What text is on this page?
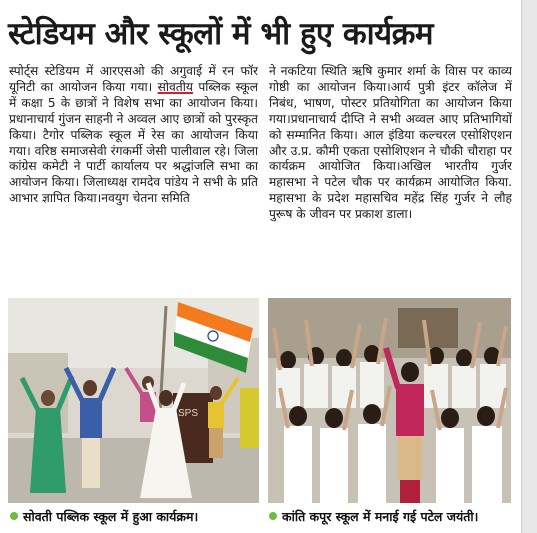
स्टेडियम और स्कूलों में भी हुए कार्यक्रम
स्पोर्ट्स स्टेडियम में आरएसओ की अगुवाई में रन फॉर यूनिटी का आयोजन किया गया। सोवतीय पब्लिक स्कूल में कक्षा 5 के छात्रों ने विशेष सभा का आयोजन किया। प्रधानाचार्य गुंजन साहनी ने अव्वल आए छात्रों को पुरस्कृत किया। टैगोर पब्लिक स्कूल में रेस का आयोजन किया गया। वरिष्ठ समाजसेवी रंगकर्मी जेसी पालीवाल रहे। जिला कांग्रेस कमेटी ने पार्टी कार्यालय पर श्रद्धांजलि सभा का आयोजन किया। जिलाध्यक्ष रामदेव पांडेय ने सभी के प्रति आभार ज्ञापित किया।नवयुग चेतना समिति
ने नकटिया स्थिति ऋषि कुमार शर्मा के विास पर काव्य गोष्ठी का आयोजन किया।आर्य पुत्री इंटर कॉलेज में निबंध, भाषण, पोस्टर प्रतियोगिता का आयोजन किया गया।प्रधानाचार्य दीप्ति ने सभी अव्वल आए प्रतिभागियों को सम्मानित किया। आल इंडिया कल्चरल एसोशिएशन और उ.प्र. कौमी एकता एसोशिएशन ने चौकी चौराहा पर कार्यक्रम आयोजित किया।अखिल भारतीय गुर्जर महासभा ने पटेल चौक पर कार्यक्रम आयोजित किया. महासभा के प्रदेश महासचिव महेंद्र सिंह गुर्जर ने लौह पुरूष के जीवन पर प्रकाश डाला।
SPS
सोवती पब्लिक स्कूल में हुआ कार्यक्रम।	कांति कपूर स्कूल में मनाई गई पटेल जयंती।
